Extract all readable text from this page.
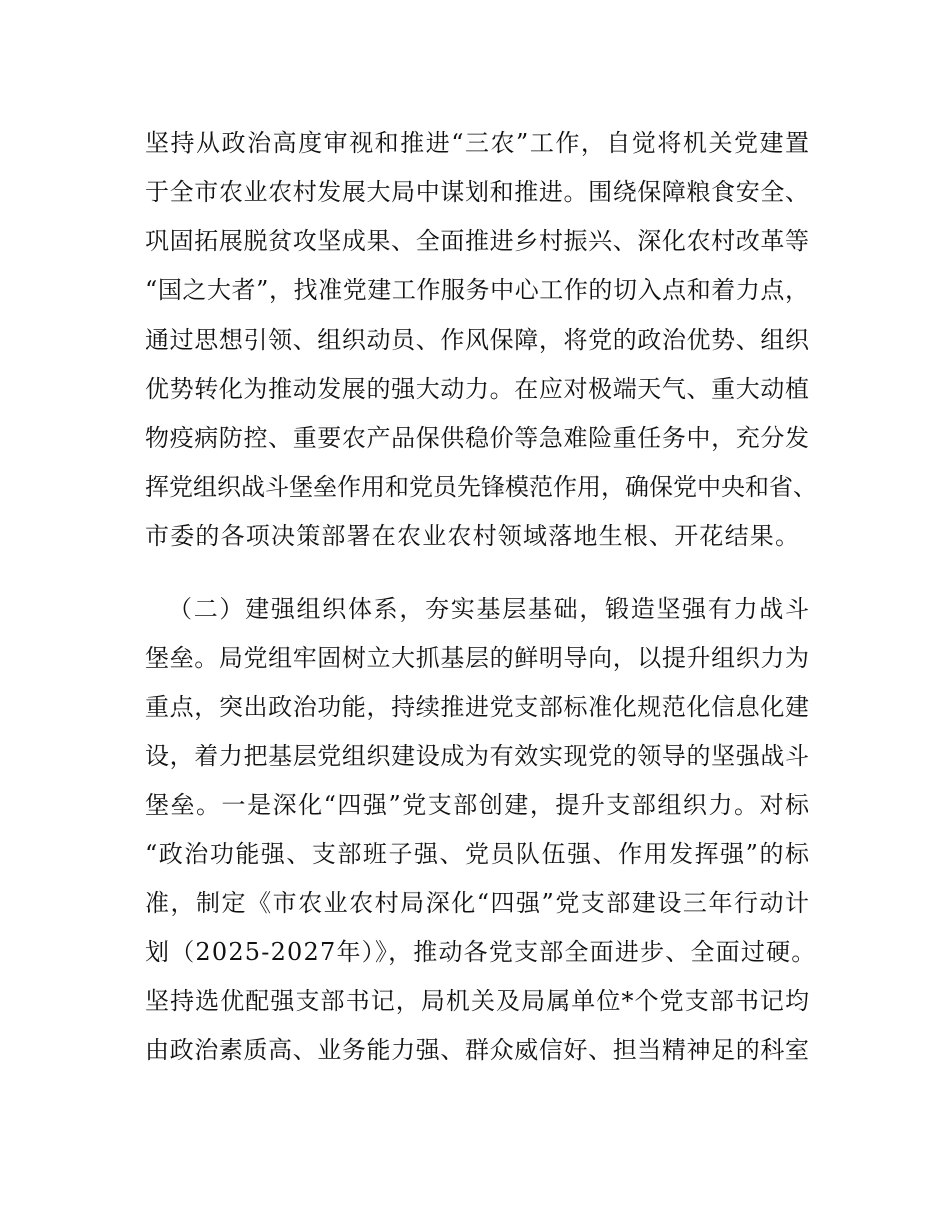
坚持从政治高度审视和推进“三农”工作，自觉将机关党建置
于全市农业农村发展大局中谋划和推进。围绕保障粮食安全、
巩固拓展脱贫攻坚成果、全面推进乡村振兴、深化农村改革等
“国之大者”，找准党建工作服务中心工作的切入点和着力点，
通过思想引领、组织动员、作风保障，将党的政治优势、组织
优势转化为推动发展的强大动力。在应对极端天气、重大动植
物疫病防控、重要农产品保供稳价等急难险重任务中，充分发
挥党组织战斗堡垒作用和党员先锋模范作用，确保党中央和省、
市委的各项决策部署在农业农村领域落地生根、开花结果。
（二）建强组织体系，夯实基层基础，锻造坚强有力战斗
堡垒。局党组牢固树立大抓基层的鲜明导向，以提升组织力为
重点，突出政治功能，持续推进党支部标准化规范化信息化建
设，着力把基层党组织建设成为有效实现党的领导的坚强战斗
堡垒。一是深化“四强”党支部创建，提升支部组织力。对标
“政治功能强、支部班子强、党员队伍强、作用发挥强”的标
准，制定《市农业农村局深化“四强”党支部建设三年行动计
划（2025-2027年）》，推动各党支部全面进步、全面过硬。
坚持选优配强支部书记，局机关及局属单位*个党支部书记均
由政治素质高、业务能力强、群众威信好、担当精神足的科室
